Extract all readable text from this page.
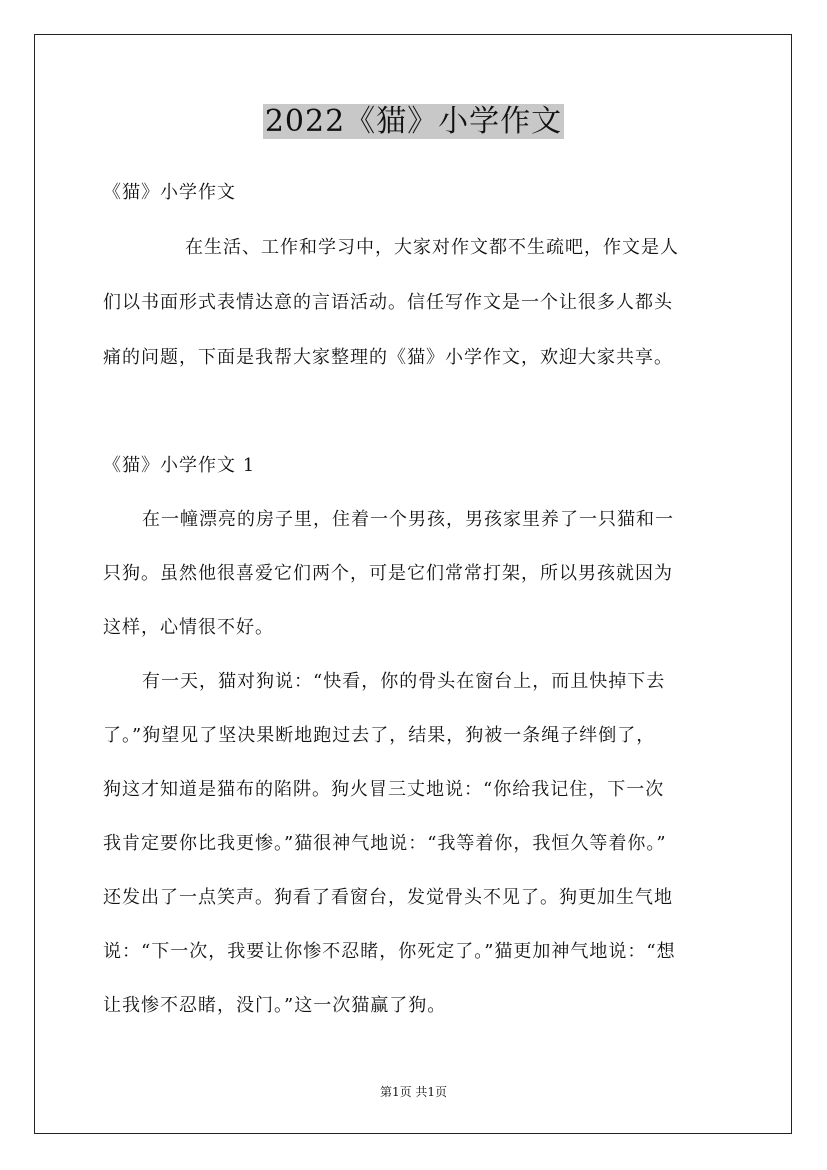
2022《猫》小学作文
《猫》小学作文
在生活、工作和学习中，大家对作文都不生疏吧，作文是人
们以书面形式表情达意的言语活动。信任写作文是一个让很多人都头
痛的问题，下面是我帮大家整理的《猫》小学作文，欢迎大家共享。
《猫》小学作文 1
在一幢漂亮的房子里，住着一个男孩，男孩家里养了一只猫和一
只狗。虽然他很喜爱它们两个，可是它们常常打架，所以男孩就因为
这样，心情很不好。
有一天，猫对狗说：“快看，你的骨头在窗台上，而且快掉下去
了。”狗望见了坚决果断地跑过去了，结果，狗被一条绳子绊倒了，
狗这才知道是猫布的陷阱。狗火冒三丈地说：“你给我记住，下一次
我肯定要你比我更惨。”猫很神气地说：“我等着你，我恒久等着你。”
还发出了一点笑声。狗看了看窗台，发觉骨头不见了。狗更加生气地
说：“下一次，我要让你惨不忍睹，你死定了。”猫更加神气地说：“想
让我惨不忍睹，没门。”这一次猫赢了狗。
第1页 共1页
